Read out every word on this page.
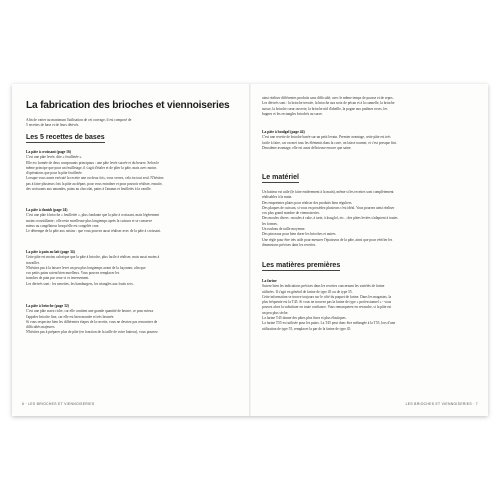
La fabrication des brioches et viennoiseries

Afin de varier au maximum l'utilisation de cet ouvrage, il est composé de

5 recettes de base et de leurs dérivés.

Les 5 recettes de bases

La pâte à croissant (page 16)

C'est une pâte levée, dite « feuilletée ».

Elle est formée de deux composants principaux : une pâte levée sucrée et du beurre. Selon le

même principe que pour un feuilletage, il s'agit d'étaler et de plier la pâte, mais avec moins

d'opérations que pour la pâte feuilletée.

Lorsque vous aurez exécuté la recette une ou deux fois, vous verrez, cela ira tout seul. N'hésitez

pas à faire plusieurs fois la pâte au départ, pour vous entraîner et pour pouvoir réaliser, ensuite,

des croissants aux amandes, pains au chocolat, pains à l'ananas et feuilletés à la vanille.

La pâte à danish (page 24)

C'est une pâte à brioche « feuilletée », plus fondante que la pâte à croissant, mais légèrement

moins croustillante ; elle reste moelleuse plus longtemps après la cuisson et se conserve

mieux au congélateur lorsqu'elle est congelée crue.

Le détrempe de la pâte aux raisins : que vous pouvez aussi réaliser avec de la pâte à croissant.

La pâte à pain au lait (page 34)

Cette pâte est moins calorique que la pâte à brioche, plus facile à réaliser, mais aussi moins à

travailler.

N'hésitez pas à la laisser lever un peu plus longtemps avant de la façonner, afin que

vos petits pains soient bien moelleux. Vous pouvez remplacer les

tranches de pain par ceux-ci et inversement.

Les dérivés sont : les navettes, les hamburgers, les triangles aux fruits secs.

La pâte à brioche (page 32)

C'est une pâte assez riche, car elle contient une grande quantité de beurre, ce pour mieux

l'appeler brioche fine, car elle est bien montée et très beurrée.

Si vous respectez bien les différentes étapes de la recette, vous ne devriez pas rencontrer de

difficultés majeures.

N'hésitez pas à préparer plus de pâte (en fonction de la taille de votre batteur), vous pourrez

6 · LES BRIOCHES ET VIENNOISERIES

ainsi réaliser différentes produits sans difficulté, avec le même temps de pousse et de repos.

Les dérivés sont : la brioche tressée, la brioche aux noix de pécan et à la cannelle, la brioche

suisse, la brioche cœur ouverte, la brioche nid d'abeille, la pogne aux pralines roses, les

bugnes et les rectangles briochés au sucre.

La pâte à boulgal (page 44)

C'est une recette de brioche basée sur un petit levain. Premier avantage, cette pâte est très

facile à faire, car on met tous les éléments dans la cuve, on laisse tourner, et c'est presque fini.

Deuxième avantage, elle est aussi délicieuse encore que saine.

Le matériel

Un batteur est utile (le faire entièrement à la main), même si les recettes sont complètement

réalisables à la main.

Des empreintes plates pour réaliser des produits bien réguliers.

Des plaques de cuisson, si vous en possédez plusieurs c'est idéal. Vous pourrez ainsi réaliser

vos plus grand nombre de viennoiseries.

Des moules divers : moules à cake, à tarte, à kouglof, etc. ; des pâtes levées s'adaptent à toutes

les formes.

Un rouleau de taille moyenne.

Des pinceaux pour bien dorer les brioches et autres.

Une règle pour être très utile pour mesurer l'épaisseur de la pâte, ainsi que pour vérifier les

dimensions précises dans les recettes.

Les matières premières

La farine

Suivez bien les indications précises dans les recettes concernant les variétés de farine

utilisées. Il s'agit en général de farine de type 45 ou de type 55.

Cette information se trouve toujours sur le côté du paquet de farine. Dans les magasins, la

plus fréquente est la T45. Si vous ne trouvez pas la farine de type « professionnel » - vous

pouvez alors la substituer en toute confiance. Vous remarquerez en revanche, si la pâte est

un peu plus sèche.

La farine T45 donne des pâtes plus fines et plus élastiques.

La farine T55 est utilisée pour les pains. La T45 peut donc être mélangée à la T55, lors d'une

utilisation de type 55, remplacer la par de la farine de type 45.

LES BRIOCHES ET VIENNOISERIES · 7
